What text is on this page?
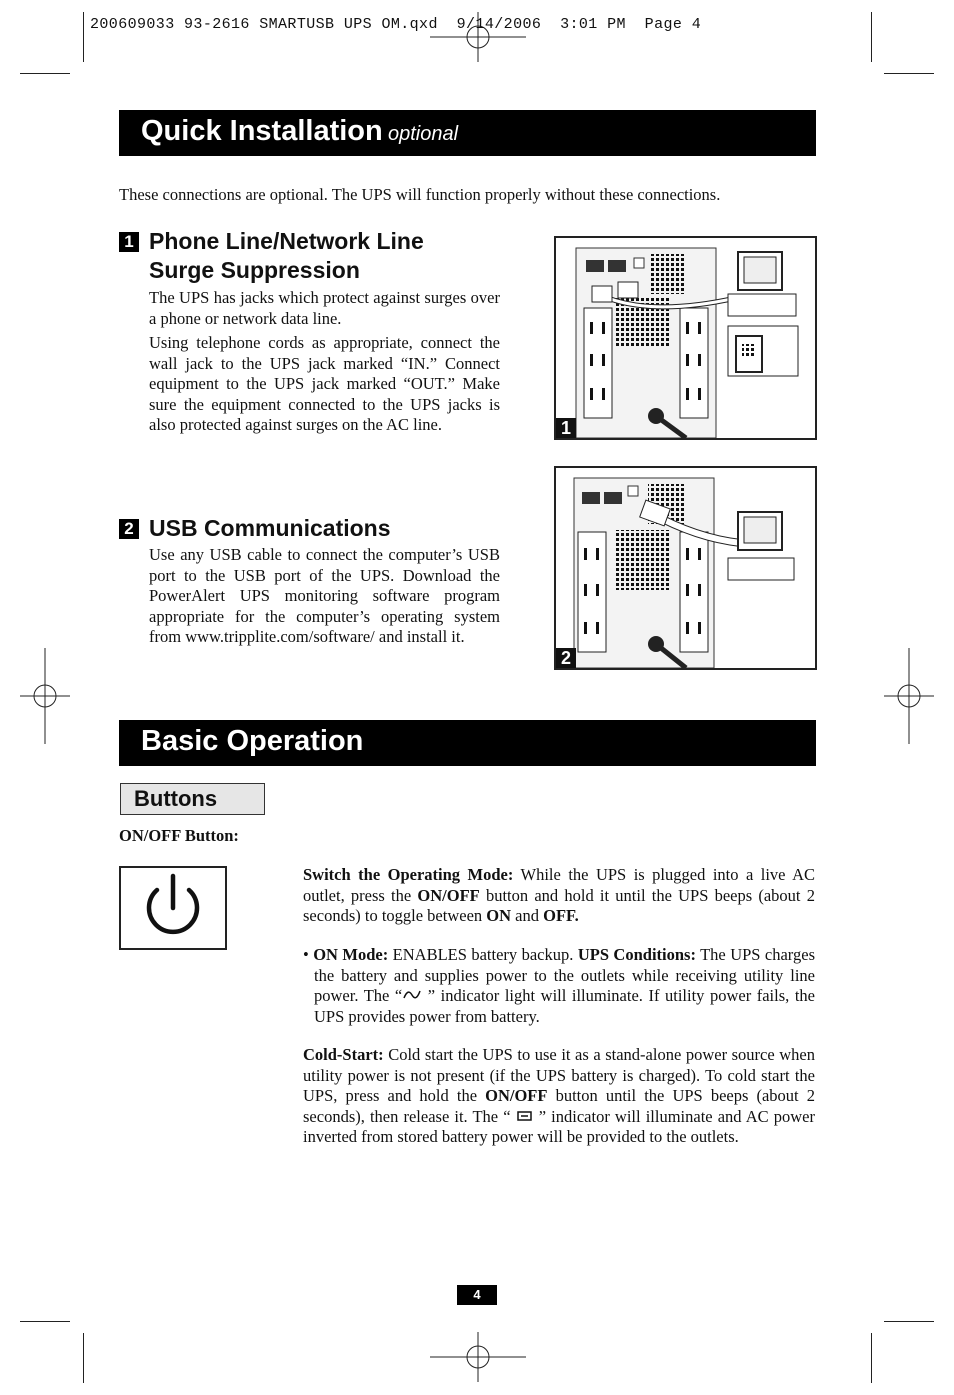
200609033 93-2616 SMARTUSB UPS OM.qxd  9/14/2006  3:01 PM  Page 4
Quick Installation optional
These connections are optional. The UPS will function properly without these connections.
1 Phone Line/Network Line
Surge Suppression
The UPS has jacks which protect against surges over a phone or network data line.
Using telephone cords as appropriate, connect the wall jack to the UPS jack marked “IN.” Connect equipment to the UPS jack marked “OUT.” Make sure the equipment connected to the UPS jacks is also protected against surges on the AC line.	1
2 USB Communications
Use any USB cable to connect the computer’s USB port to the USB port of the UPS. Download the PowerAlert UPS monitoring software program appropriate for the computer’s operating system from www.tripplite.com/software/ and install it.
2
Basic Operation
Buttons
ON/OFF Button:
Switch the Operating Mode: While the UPS is plugged into a live AC outlet, press the ON/OFF button and hold it until the UPS beeps (about 2 seconds) to toggle between ON and OFF.
• ON Mode: ENABLES battery backup. UPS Conditions: The UPS charges the battery and supplies power to the outlets while receiving utility line power. The “ ” indicator light will illuminate. If utility power fails, the UPS provides power from battery.
Cold-Start: Cold start the UPS to use it as a stand-alone power source when utility power is not present (if the UPS battery is charged). To cold start the UPS, press and hold the ON/OFF button until the UPS beeps (about 2 seconds), then release it. The “  ” indicator will illuminate and AC power inverted from stored battery power will be provided to the outlets.
4
